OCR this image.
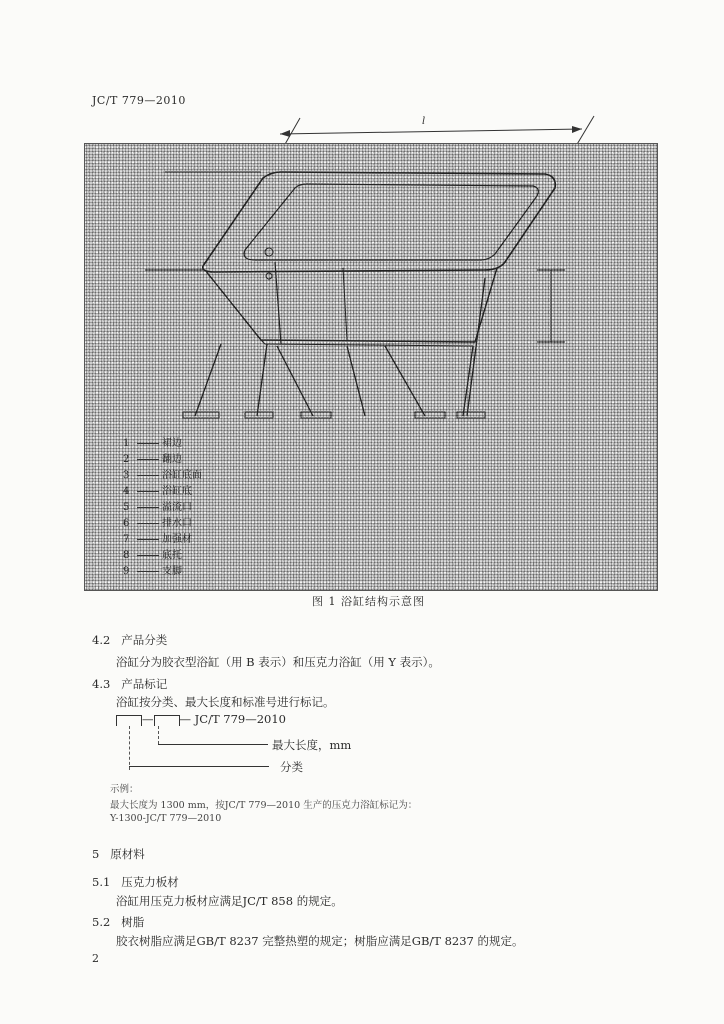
JC/T 779—2010
l
1	裙边
2	翻边
3	浴缸底面
4	浴缸底
5	溢流口
6	排水口
7	加强材
8	底托
9	支脚
图 1 浴缸结构示意图
4.2 产品分类
浴缸分为胶衣型浴缸（用 B 表示）和压克力浴缸（用 Y 表示）。
4.3 产品标记
浴缸按分类、最大长度和标准号进行标记。
— — JC/T 779—2010
最大长度，mm
分类
示例：
最大长度为 1300 mm，按JC/T 779—2010 生产的压克力浴缸标记为：
Y-1300-JC/T 779—2010
5 原材料
5.1 压克力板材
浴缸用压克力板材应满足JC/T 858 的规定。
5.2 树脂
胶衣树脂应满足GB/T 8237 完整热塑的规定；树脂应满足GB/T 8237 的规定。
2
